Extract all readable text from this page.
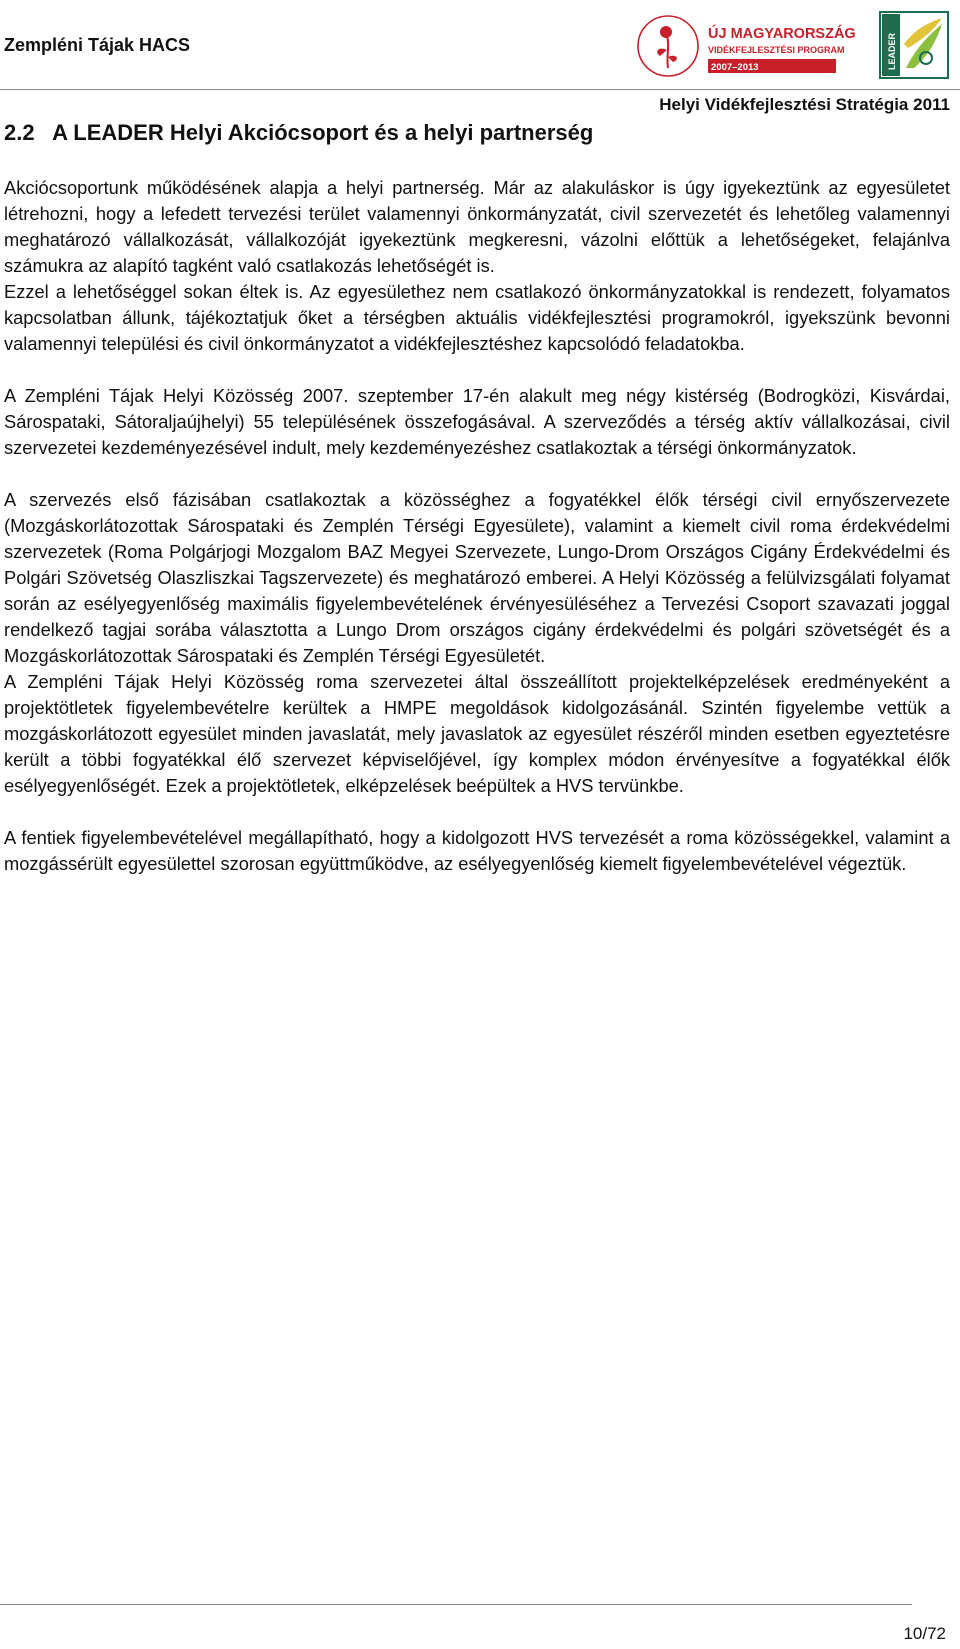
Zempléni Tájak HACS
ÚJ MAGYARORSZÁG
VIDÉKFEJLESZTÉSI PROGRAM
2007–2013	LEADER
Helyi Vidékfejlesztési Stratégia 2011
2.2   A LEADER Helyi Akciócsoport és a helyi partnerség

Akciócsoportunk működésének alapja a helyi partnerség. Már az alakuláskor is úgy igyekeztünk az egyesületet létrehozni, hogy a lefedett tervezési terület valamennyi önkormányzatát, civil szervezetét és lehetőleg valamennyi meghatározó vállalkozását, vállalkozóját igyekeztünk megkeresni, vázolni előttük a lehetőségeket, felajánlva számukra az alapító tagként való csatlakozás lehetőségét is.

Ezzel a lehetőséggel sokan éltek is. Az egyesülethez nem csatlakozó önkormányzatokkal is rendezett, folyamatos kapcsolatban állunk, tájékoztatjuk őket a térségben aktuális vidékfejlesztési programokról, igyekszünk bevonni valamennyi települési és civil önkormányzatot a vidékfejlesztéshez kapcsolódó feladatokba.

A Zempléni Tájak Helyi Közösség 2007. szeptember 17-én alakult meg négy kistérség (Bodrogközi, Kisvárdai, Sárospataki, Sátoraljaújhelyi) 55 településének összefogásával. A szerveződés a térség aktív vállalkozásai, civil szervezetei kezdeményezésével indult, mely kezdeményezéshez csatlakoztak a térségi önkormányzatok.

A szervezés első fázisában csatlakoztak a közösséghez a fogyatékkel élők térségi civil ernyőszervezete (Mozgáskorlátozottak Sárospataki és Zemplén Térségi Egyesülete), valamint a kiemelt civil roma érdekvédelmi szervezetek (Roma Polgárjogi Mozgalom BAZ Megyei Szervezete, Lungo-Drom Országos Cigány Érdekvédelmi és Polgári Szövetség Olaszliszkai Tagszervezete) és meghatározó emberei. A Helyi Közösség a felülvizsgálati folyamat során az esélyegyenlőség maximális figyelembevételének érvényesüléséhez a Tervezési Csoport szavazati joggal rendelkező tagjai sorába választotta a Lungo Drom országos cigány érdekvédelmi és polgári szövetségét és a Mozgáskorlátozottak Sárospataki és Zemplén Térségi Egyesületét.

A Zempléni Tájak Helyi Közösség roma szervezetei által összeállított projektelképzelések eredményeként a projektötletek figyelembevételre kerültek a HMPE megoldások kidolgozásánál. Szintén figyelembe vettük a mozgáskorlátozott egyesület minden javaslatát, mely javaslatok az egyesület részéről minden esetben egyeztetésre került a többi fogyatékkal élő szervezet képviselőjével, így komplex módon érvényesítve a fogyatékkal élők esélyegyenlőségét. Ezek a projektötletek, elképzelések beépültek a HVS tervünkbe.

A fentiek figyelembevételével megállapítható, hogy a kidolgozott HVS tervezését a roma közösségekkel, valamint a mozgássérült egyesülettel szorosan együttműködve, az esélyegyenlőség kiemelt figyelembevételével végeztük.

10/72
